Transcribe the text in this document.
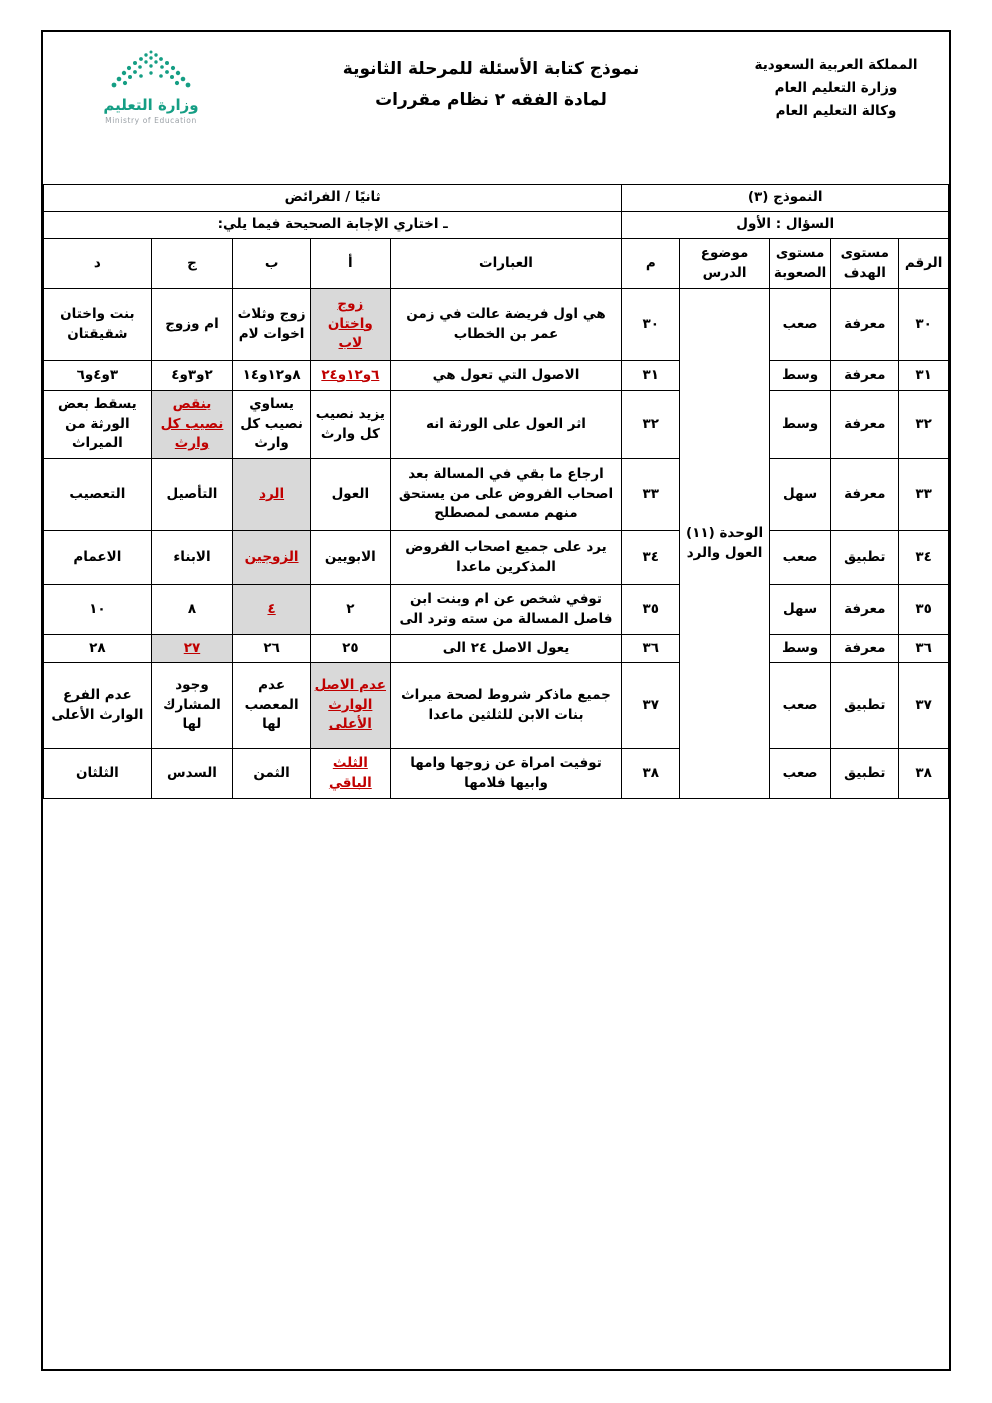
المملكة العربية السعودية
وزارة التعليم العام
وكالة التعليم العام
نموذج كتابة الأسئلة للمرحلة الثانوية
لمادة الفقه ٢ نظام مقررات
وزارة التعليم
Ministry of Education
النموذج (٣)					ثانيًا / الفرائض				
السؤال : الأول					ـ اختاري الإجابة الصحيحة فيما يلي:				
الرقم	مستوى الهدف	مستوى الصعوبة	موضوع الدرس	م	العبارات	أ	ب	ج	د
٣٠	معرفة	صعب	الوحدة (١١) العول والرد	٣٠	هي اول فريضة عالت في زمن عمر بن الخطاب	زوج واختان لاب	زوج وثلاث اخوات لام	ام وزوج	بنت واختان شقيقتان
٣١	معرفة	وسط		٣١	الاصول التي تعول هي	٦و١٢و٢٤	٨و١٢و١٤	٢و٣و٤	٣و٤و٦
٣٢	معرفة	وسط		٣٢	اثر العول على الورثة انه	يزيد نصيب كل وارث	يساوي نصيب كل وارث	ينقص نصيب كل وارث	يسقط بعض الورثة من الميراث
٣٣	معرفة	سهل		٣٣	ارجاع ما بقي في المسالة بعد اصحاب الفروض على من يستحق منهم مسمى لمصطلح	العول	الرد	التأصيل	التعصيب
٣٤	تطبيق	صعب		٣٤	يرد على جميع اصحاب الفروض المذكرين ماعدا	الابويين	الزوجين	الابناء	الاعمام
٣٥	معرفة	سهل		٣٥	توفي شخص عن ام وبنت ابن فاصل المسالة من سته وترد الى	٢	٤	٨	١٠
٣٦	معرفة	وسط		٣٦	يعول الاصل ٢٤ الى	٢٥	٢٦	٢٧	٢٨
٣٧	تطبيق	صعب		٣٧	جميع ماذكر شروط لصحة ميراث بنات الابن للثلثين ماعدا	عدم الاصل الوارث الأعلى	عدم المعصب لها	وجود المشارك لها	عدم الفرع الوارث الأعلى
٣٨	تطبيق	صعب		٣٨	توفيت امراة عن زوجها وامها وابيها فلامها	الثلث الباقي	الثمن	السدس	الثلثان
